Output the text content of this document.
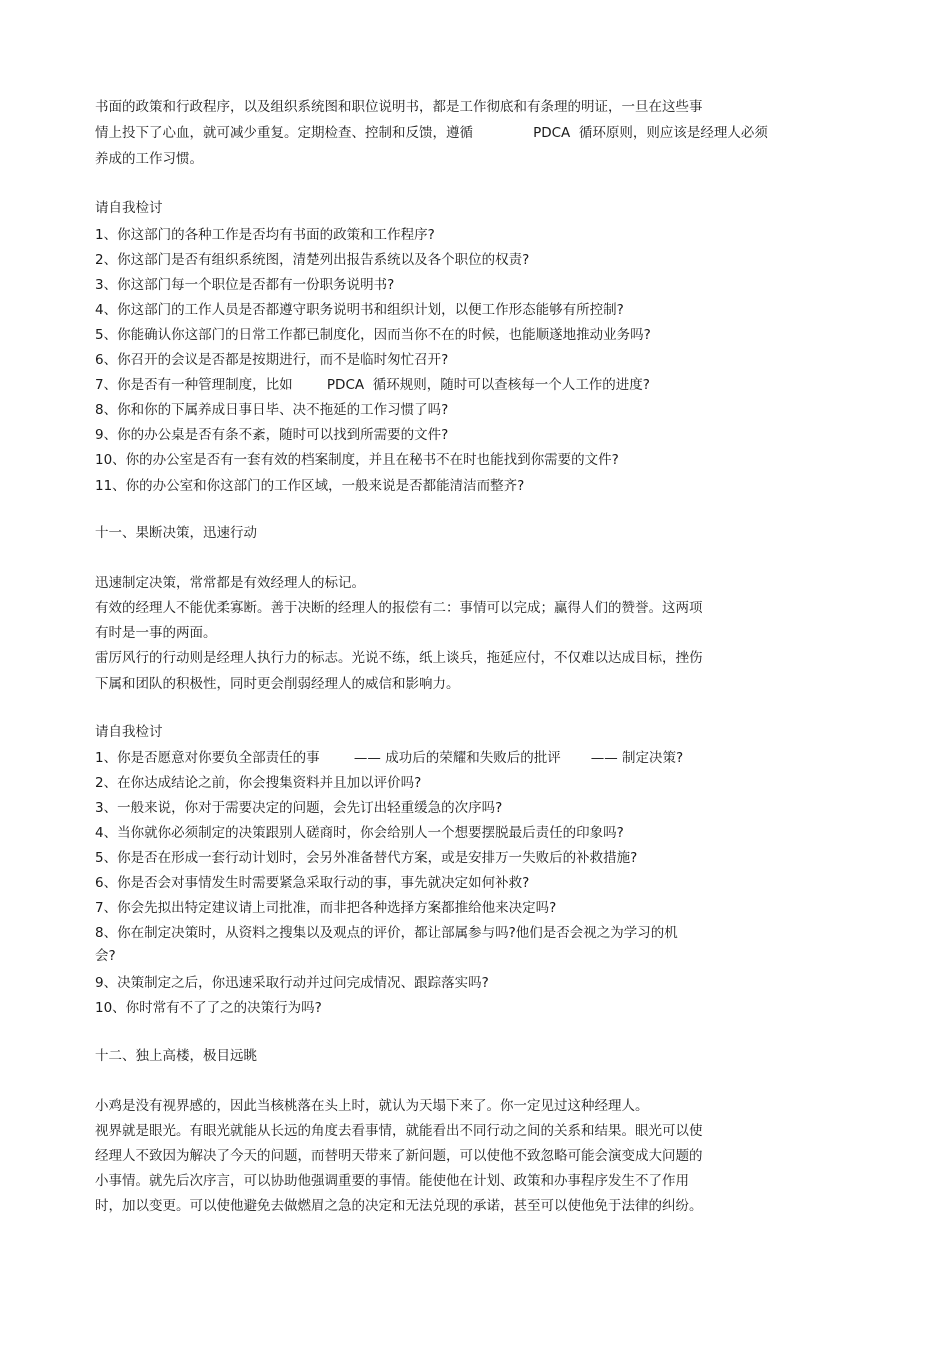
书面的政策和行政程序，以及组织系统图和职位说明书，都是工作彻底和有条理的明证，一旦在这些事
情上投下了心血，就可减少重复。定期检查、控制和反馈，遵循              PDCA  循环原则，则应该是经理人必须
养成的工作习惯。
请自我检讨
1、你这部门的各种工作是否均有书面的政策和工作程序?
2、你这部门是否有组织系统图，清楚列出报告系统以及各个职位的权责?
3、你这部门每一个职位是否都有一份职务说明书?
4、你这部门的工作人员是否都遵守职务说明书和组织计划，以便工作形态能够有所控制?
5、你能确认你这部门的日常工作都已制度化，因而当你不在的时候，也能顺遂地推动业务吗?
6、你召开的会议是否都是按期进行，而不是临时匆忙召开?
7、你是否有一种管理制度，比如        PDCA  循环规则，随时可以查核每一个人工作的进度?
8、你和你的下属养成日事日毕、决不拖延的工作习惯了吗?
9、你的办公桌是否有条不紊，随时可以找到所需要的文件?
10、你的办公室是否有一套有效的档案制度，并且在秘书不在时也能找到你需要的文件?
11、你的办公室和你这部门的工作区域，一般来说是否都能清洁而整齐?
十一、果断决策，迅速行动
迅速制定决策，常常都是有效经理人的标记。
有效的经理人不能优柔寡断。善于决断的经理人的报偿有二：事情可以完成；赢得人们的赞誉。这两项
有时是一事的两面。
雷厉风行的行动则是经理人执行力的标志。光说不练，纸上谈兵，拖延应付，不仅难以达成目标，挫伤
下属和团队的积极性，同时更会削弱经理人的威信和影响力。
请自我检讨
1、你是否愿意对你要负全部责任的事        —— 成功后的荣耀和失败后的批评       —— 制定决策?
2、在你达成结论之前，你会搜集资料并且加以评价吗?
3、一般来说，你对于需要决定的问题，会先订出轻重缓急的次序吗?
4、当你就你必须制定的决策跟别人磋商时，你会给别人一个想要摆脱最后责任的印象吗?
5、你是否在形成一套行动计划时，会另外准备替代方案，或是安排万一失败后的补救措施?
6、你是否会对事情发生时需要紧急采取行动的事，事先就决定如何补救?
7、你会先拟出特定建议请上司批准，而非把各种选择方案都推给他来决定吗?
8、你在制定决策时，从资料之搜集以及观点的评价，都让部属参与吗?他们是否会视之为学习的机
会?
9、决策制定之后，你迅速采取行动并过问完成情况、跟踪落实吗?
10、你时常有不了了之的决策行为吗?
十二、独上高楼，极目远眺
小鸡是没有视界感的，因此当核桃落在头上时，就认为天塌下来了。你一定见过这种经理人。
视界就是眼光。有眼光就能从长远的角度去看事情，就能看出不同行动之间的关系和结果。眼光可以使
经理人不致因为解决了今天的问题，而替明天带来了新问题，可以使他不致忽略可能会演变成大问题的
小事情。就先后次序言，可以协助他强调重要的事情。能使他在计划、政策和办事程序发生不了作用
时，加以变更。可以使他避免去做燃眉之急的决定和无法兑现的承诺，甚至可以使他免于法律的纠纷。
